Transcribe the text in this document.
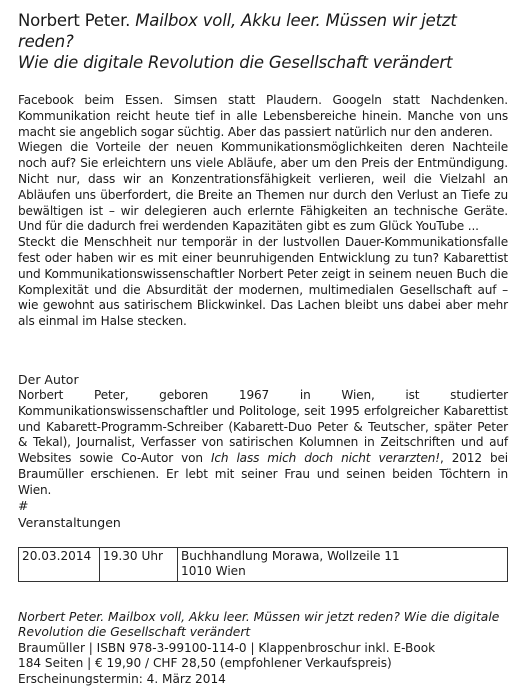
Norbert Peter. Mailbox voll, Akku leer. Müssen wir jetzt reden?
Wie die digitale Revolution die Gesellschaft verändert

Facebook beim Essen. Simsen statt Plaudern. Googeln statt Nachdenken. Kommunikation reicht heute tief in alle Lebensbereiche hinein. Manche von uns macht sie angeblich sogar süchtig. Aber das passiert natürlich nur den anderen.

Wiegen die Vorteile der neuen Kommunikationsmöglichkeiten deren Nachteile noch auf? Sie erleichtern uns viele Abläufe, aber um den Preis der Entmündigung. Nicht nur, dass wir an Konzentrationsfähigkeit verlieren, weil die Vielzahl an Abläufen uns überfordert, die Breite an Themen nur durch den Verlust an Tiefe zu bewältigen ist – wir delegieren auch erlernte Fähigkeiten an technische Geräte. Und für die dadurch frei werdenden Kapazitäten gibt es zum Glück YouTube ...

Steckt die Menschheit nur temporär in der lustvollen Dauer-Kommunikationsfalle fest oder haben wir es mit einer beunruhigenden Entwicklung zu tun? Kabarettist und Kommunikationswissenschaftler Norbert Peter zeigt in seinem neuen Buch die Komplexität und die Absurdität der modernen, multimedialen Gesellschaft auf – wie gewohnt aus satirischem Blickwinkel. Das Lachen bleibt uns dabei aber mehr als einmal im Halse stecken.

Der Autor

Norbert Peter, geboren 1967 in Wien, ist studierter Kommunikationswissenschaftler und Politologe, seit 1995 erfolgreicher Kabarettist und Kabarett-Programm-Schreiber (Kabarett-Duo Peter & Teutscher, später Peter & Tekal), Journalist, Verfasser von satirischen Kolumnen in Zeitschriften und auf Websites sowie Co-Autor von Ich lass mich doch nicht verarzten!, 2012 bei Braumüller erschienen. Er lebt mit seiner Frau und seinen beiden Töchtern in Wien.

#

Veranstaltungen

20.03.2014	19.30 Uhr	Buchhandlung Morawa, Wollzeile 11
1010 Wien

Norbert Peter. Mailbox voll, Akku leer. Müssen wir jetzt reden? Wie die digitale Revolution die Gesellschaft verändert

Braumüller | ISBN 978-3-99100-114-0 | Klappenbroschur inkl. E-Book

184 Seiten | € 19,90 / CHF 28,50 (empfohlener Verkaufspreis)

Erscheinungstermin: 4. März 2014
